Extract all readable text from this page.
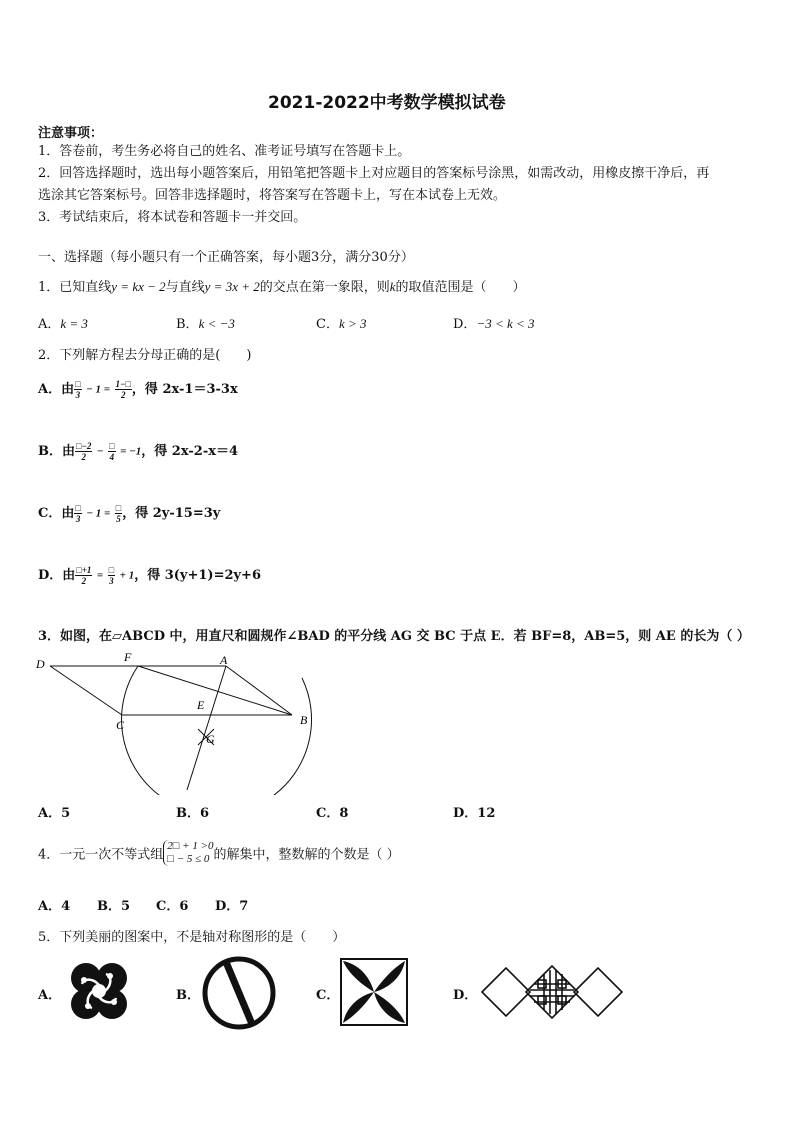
2021-2022中考数学模拟试卷
注意事项：
1．答卷前，考生务必将自己的姓名、准考证号填写在答题卡上。
2．回答选择题时，选出每小题答案后，用铅笔把答题卡上对应题目的答案标号涂黑，如需改动，用橡皮擦干净后，再
选涂其它答案标号。回答非选择题时，将答案写在答题卡上，写在本试卷上无效。
3．考试结束后，将本试卷和答题卡一并交回。
一、选择题（每小题只有一个正确答案，每小题3分，满分30分）
1．已知直线y = kx − 2与直线y = 3x + 2的交点在第一象限，则k的取值范围是（　　）
A．k = 3	B．k < −3	C．k > 3	D．−3 < k < 3
2．下列解方程去分母正确的是(　　)
A．由 $\frac{□}{3} - 1 = \frac{1-□}{2}$ ，得 2x-1＝3-3x
B．由 $\frac{□-2}{2} - \frac{□}{4} = -1$，得 2x-2-x＝4
C．由 $\frac{□}{3} - 1 = \frac{□}{5}$ ，得 2y-15=3y
D．由 $\frac{□+1}{2} = \frac{□}{3} + 1$，得 3(y+1)=2y+6
3．如图，在▱ABCD 中，用直尺和圆规作∠BAD 的平分线 AG 交 BC 于点 E．若 BF=8，AB=5，则 AE 的长为（ ）
D	F	A
E
C	B
G
A．5	B．6	C．8	D．12
4．一元一次不等式组
2□ + 1 >0
□ − 5 ≤ 0 的解集中，整数解的个数是（ ）
A．4 B．5 C．6 D．7
5．下列美丽的图案中，不是轴对称图形的是（　　）
A．	B．	C．	D．
